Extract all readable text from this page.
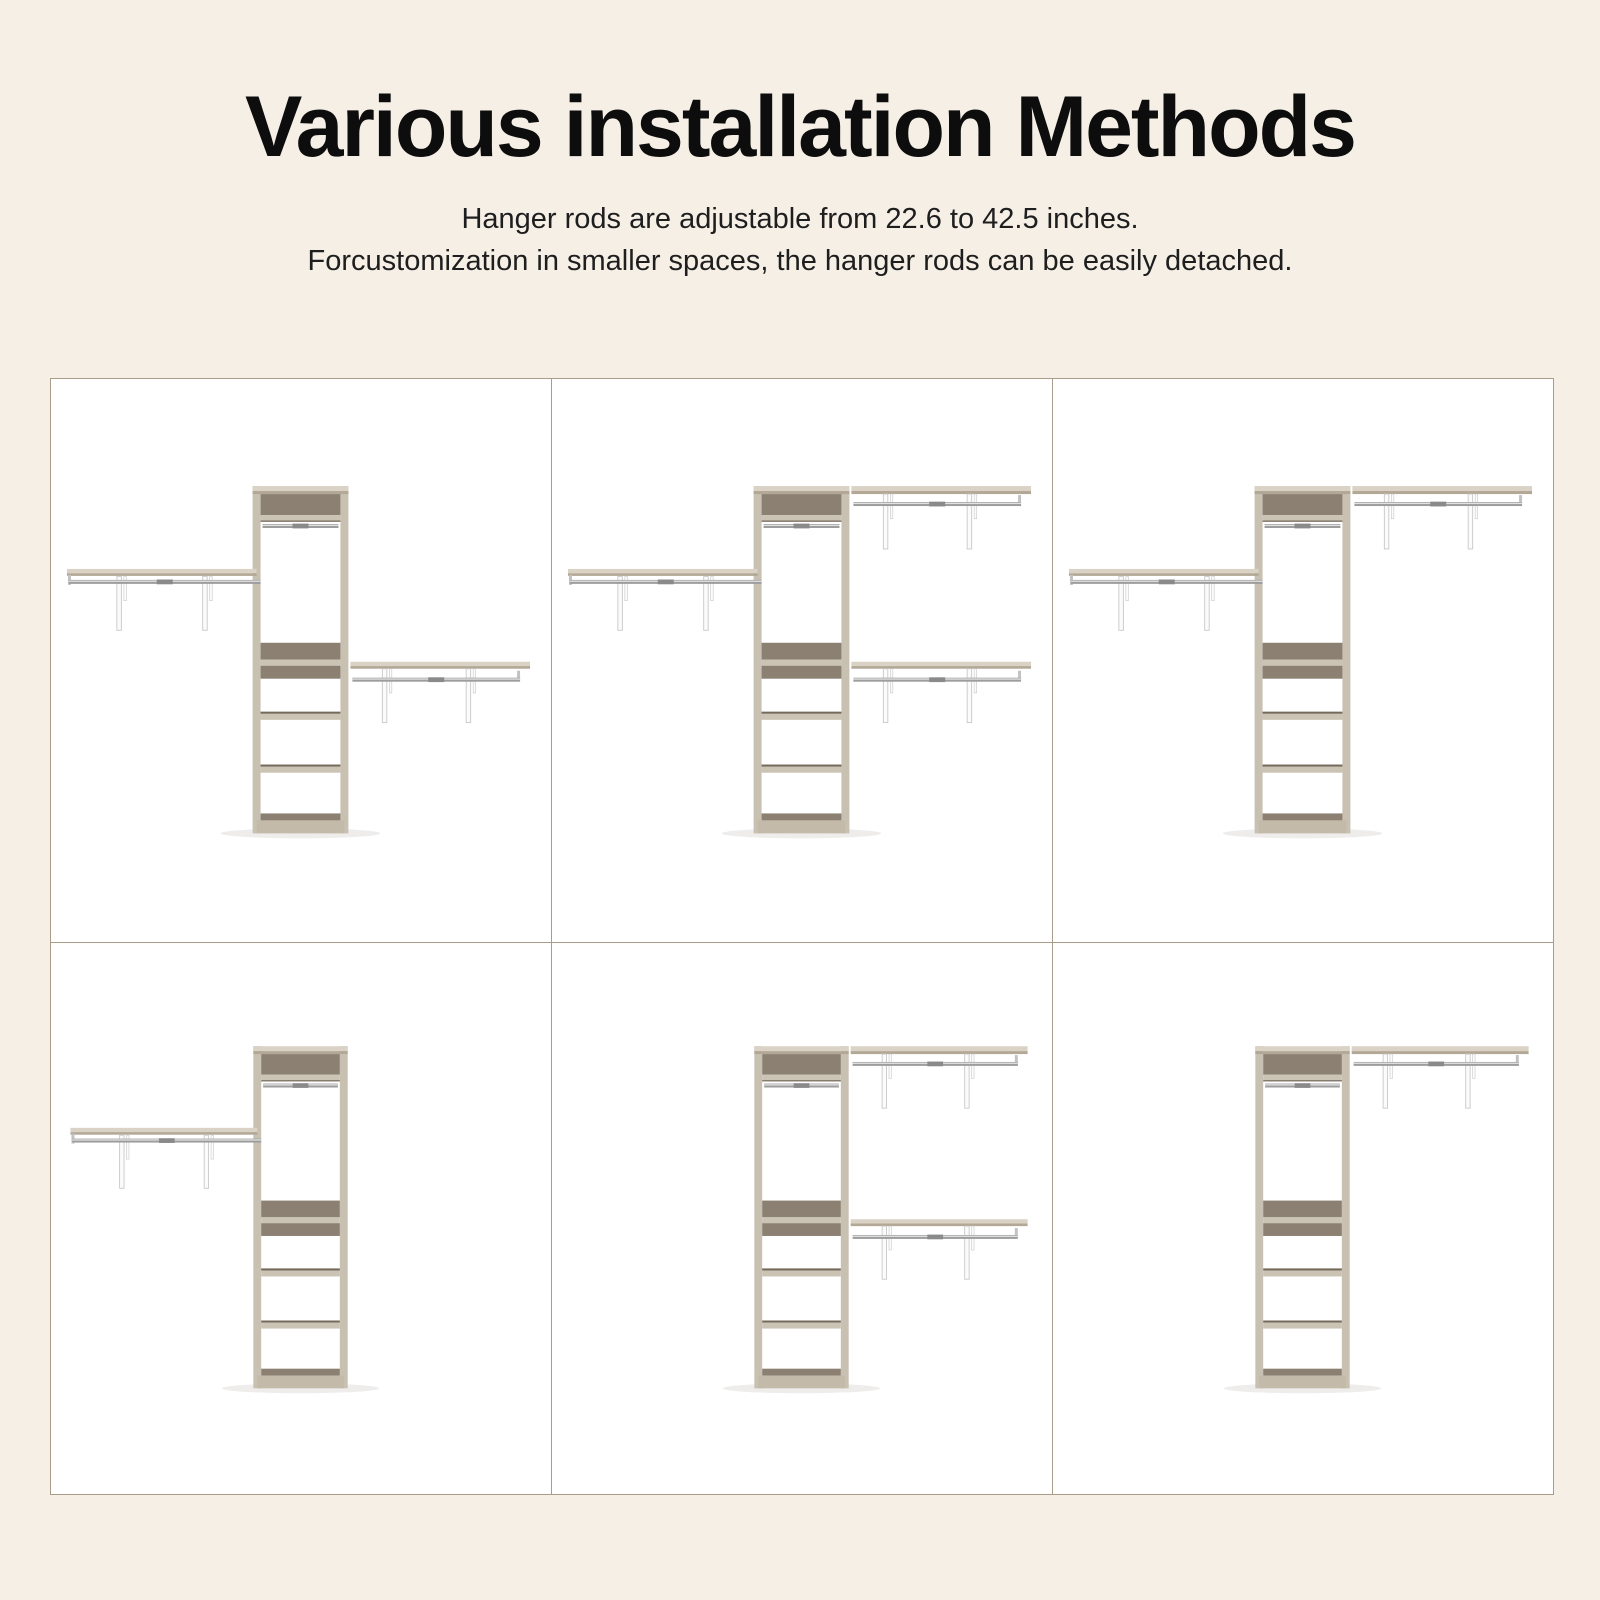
Various installation Methods

Hanger rods are adjustable from 22.6 to 42.5 inches.
Forcustomization in smaller spaces, the hanger rods can be easily detached.
